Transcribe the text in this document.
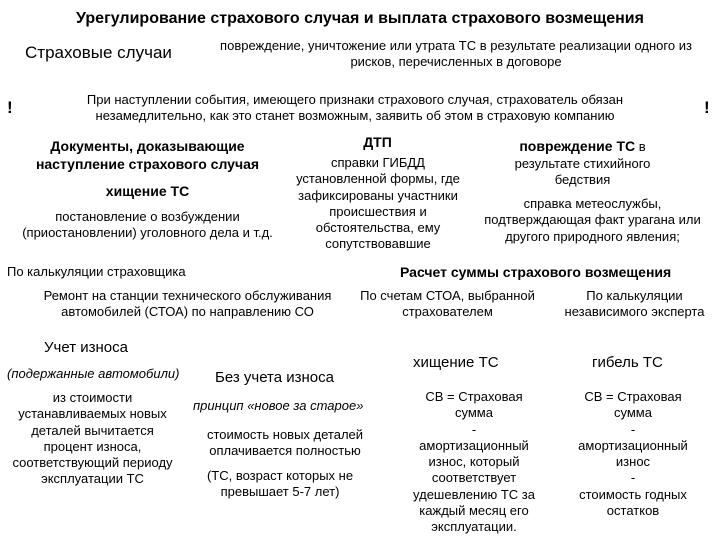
Урегулирование страхового случая и выплата страхового возмещения
Страховые случаи	повреждение, уничтожение или утрата ТС в результате реализации одного из рисков, перечисленных в договоре
!	При наступлении события, имеющего признаки страхового случая, страхователь обязан незамедлительно, как это станет возможным, заявить об этом в страховую компанию	!
Документы, доказывающие наступление страхового случая
хищение ТС
постановление о возбуждении (приостановлении) уголовного дела и т.д.
ДТП
справки ГИБДД установленной формы, где зафиксированы участники происшествия и обстоятельства, ему сопутствовавшие
повреждение ТС в результате стихийного бедствия
справка метеослужбы, подтверждающая факт урагана или другого природного явления;
По калькуляции страховщика	Расчет суммы страхового возмещения
Ремонт на станции технического обслуживания автомобилей (СТОА) по направлению СО
По счетам СТОА, выбранной страхователем
По калькуляции независимого эксперта
Учет износа
(подержанные автомобили)
из стоимости устанавливаемых новых деталей вычитается процент износа, соответствующий периоду эксплуатации ТС
Без учета износа
принцип «новое за старое»
стоимость новых деталей оплачивается полностью
(ТС, возраст которых не превышает 5-7 лет)
хищение ТС
СВ = Страховая сумма
-
амортизационный износ, который соответствует удешевлению ТС за каждый месяц его эксплуатации.
гибель ТС
СВ = Страховая сумма
-
амортизационный износ
-
стоимость годных остатков
